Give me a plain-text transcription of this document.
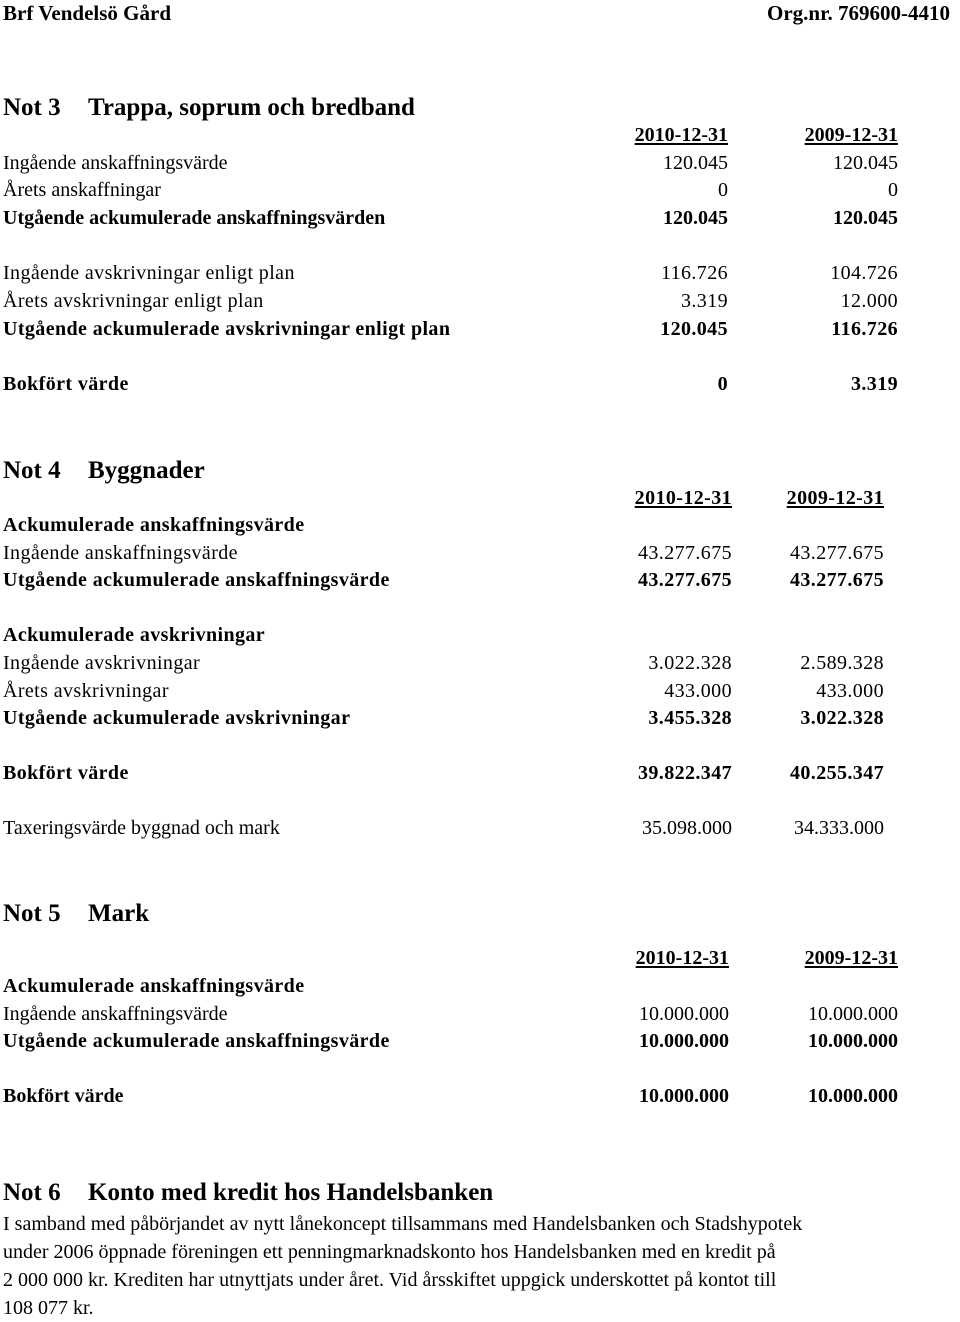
Brf Vendelsö Gård	Org.nr. 769600-4410
Not 3 Trappa, soprum och bredband
2010-12-31	2009-12-31
Ingående anskaffningsvärde	120.045	120.045
Årets anskaffningar	0	0
Utgående ackumulerade anskaffningsvärden	120.045	120.045
Ingående avskrivningar enligt plan	116.726	104.726
Årets avskrivningar enligt plan	3.319	12.000
Utgående ackumulerade avskrivningar enligt plan	120.045	116.726
Bokfört värde	0	3.319
Not 4 Byggnader
2010-12-31	2009-12-31
Ackumulerade anskaffningsvärde
Ingående anskaffningsvärde	43.277.675	43.277.675
Utgående ackumulerade anskaffningsvärde	43.277.675	43.277.675
Ackumulerade avskrivningar
Ingående avskrivningar	3.022.328	2.589.328
Årets avskrivningar	433.000	433.000
Utgående ackumulerade avskrivningar	3.455.328	3.022.328
Bokfört värde	39.822.347	40.255.347
Taxeringsvärde byggnad och mark	35.098.000	34.333.000
Not 5 Mark
2010-12-31	2009-12-31
Ackumulerade anskaffningsvärde
Ingående anskaffningsvärde	10.000.000	10.000.000
Utgående ackumulerade anskaffningsvärde	10.000.000	10.000.000
Bokfört värde	10.000.000	10.000.000
Not 6 Konto med kredit hos Handelsbanken
I samband med påbörjandet av nytt lånekoncept tillsammans med Handelsbanken och Stadshypotek
under 2006 öppnade föreningen ett penningmarknadskonto hos Handelsbanken med en kredit på
2 000 000 kr. Krediten har utnyttjats under året. Vid årsskiftet uppgick underskottet på kontot till
108 077 kr.
